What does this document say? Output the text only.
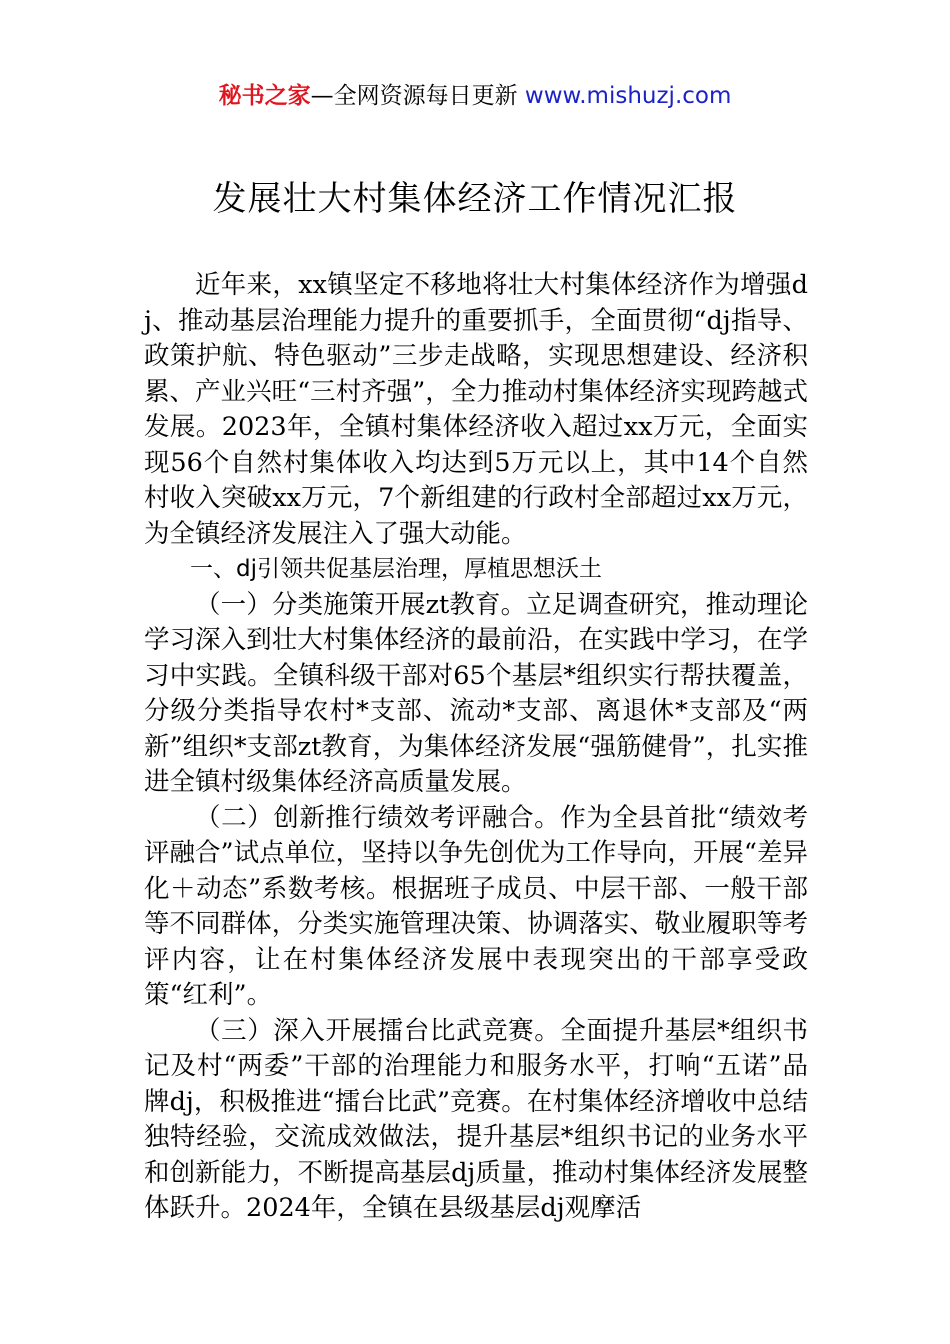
秘书之家—全网资源每日更新 www.mishuzj.com
发展壮大村集体经济工作情况汇报

近年来，xx镇坚定不移地将壮大村集体经济作为增强dj、推动基层治理能力提升的重要抓手，全面贯彻“dj指导、政策护航、特色驱动”三步走战略，实现思想建设、经济积累、产业兴旺“三村齐强”，全力推动村集体经济实现跨越式发展。2023年，全镇村集体经济收入超过xx万元，全面实现56个自然村集体收入均达到5万元以上，其中14个自然村收入突破xx万元，7个新组建的行政村全部超过xx万元，为全镇经济发展注入了强大动能。

一、dj引领共促基层治理，厚植思想沃土

（一）分类施策开展zt教育。立足调查研究，推动理论学习深入到壮大村集体经济的最前沿，在实践中学习，在学习中实践。全镇科级干部对65个基层*组织实行帮扶覆盖，分级分类指导农村*支部、流动*支部、离退休*支部及“两新”组织*支部zt教育，为集体经济发展“强筋健骨”，扎实推进全镇村级集体经济高质量发展。

（二）创新推行绩效考评融合。作为全县首批“绩效考评融合”试点单位，坚持以争先创优为工作导向，开展“差异化＋动态”系数考核。根据班子成员、中层干部、一般干部等不同群体，分类实施管理决策、协调落实、敬业履职等考评内容，让在村集体经济发展中表现突出的干部享受政策“红利”。

（三）深入开展擂台比武竞赛。全面提升基层*组织书记及村“两委”干部的治理能力和服务水平，打响“五诺”品牌dj，积极推进“擂台比武”竞赛。在村集体经济增收中总结独特经验，交流成效做法，提升基层*组织书记的业务水平和创新能力，不断提高基层dj质量，推动村集体经济发展整体跃升。2024年，全镇在县级基层dj观摩活
